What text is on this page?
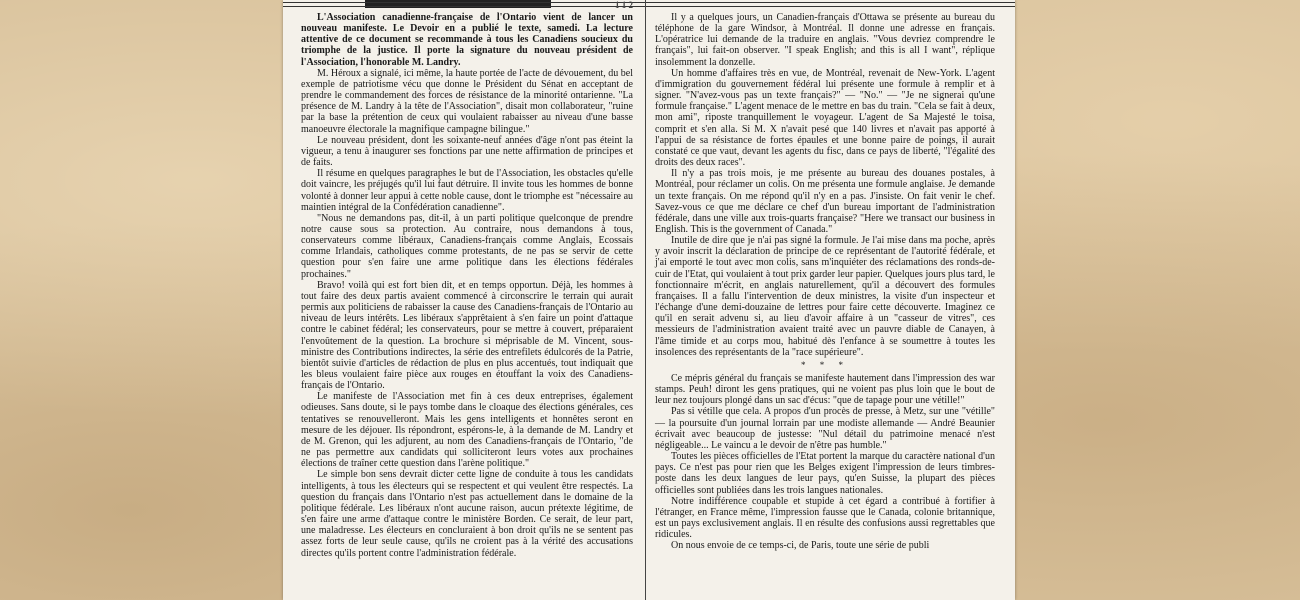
1 1 2

L'Association canadienne-française de l'Ontario vient de lancer un nouveau manifeste. Le Devoir en a publié le texte, samedi. La lecture attentive de ce document se recommande à tous les Canadiens soucieux du triomphe de la justice. Il porte la signature du nouveau président de l'Association, l'honorable M. Landry.

M. Héroux a signalé, ici même, la haute portée de l'acte de dévouement, du bel exemple de patriotisme vécu que donne le Président du Sénat en acceptant de prendre le commandement des forces de résistance de la minorité ontarienne. "La présence de M. Landry à la tête de l'Association", disait mon collaborateur, "ruine par la base la prétention de ceux qui voulaient rabaisser au niveau d'une basse manoeuvre électorale la magnifique campagne bilingue."

Le nouveau président, dont les soixante-neuf années d'âge n'ont pas éteint la vigueur, a tenu à inaugurer ses fonctions par une nette affirmation de principes et de faits.

Il résume en quelques paragraphes le but de l'Association, les obstacles qu'elle doit vaincre, les préjugés qu'il lui faut détruire. Il invite tous les hommes de bonne volonté à donner leur appui à cette noble cause, dont le triomphe est "nécessaire au maintien intégral de la Confédération canadienne".

"Nous ne demandons pas, dit-il, à un parti politique quelconque de prendre notre cause sous sa protection. Au contraire, nous demandons à tous, conservateurs comme libéraux, Canadiens-français comme Anglais, Ecossais comme Irlandais, catholiques comme protestants, de ne pas se servir de cette question pour s'en faire une arme politique dans les élections fédérales prochaines."

Bravo! voilà qui est fort bien dit, et en temps opportun. Déjà, les hommes à tout faire des deux partis avaient commencé à circonscrire le terrain qui aurait permis aux politiciens de rabaisser la cause des Canadiens-français de l'Ontario au niveau de leurs intérêts. Les libéraux s'apprêtaient à s'en faire un point d'attaque contre le cabinet fédéral; les conservateurs, pour se mettre à couvert, préparaient l'envoûtement de la question. La brochure si méprisable de M. Vincent, sous-ministre des Contributions indirectes, la série des entrefilets édulcorés de la Patrie, bientôt suivie d'articles de rédaction de plus en plus accentués, tout indiquait que les bleus voulaient faire pièce aux rouges en étouffant la voix des Canadiens-français de l'Ontario.

Le manifeste de l'Association met fin à ces deux entreprises, également odieuses. Sans doute, si le pays tombe dans le cloaque des élections générales, ces tentatives se renouvelleront. Mais les gens intelligents et honnêtes seront en mesure de les déjouer. Ils répondront, espérons-le, à la demande de M. Landry et de M. Grenon, qui les adjurent, au nom des Canadiens-français de l'Ontario, "de ne pas permettre aux candidats qui solliciteront leurs votes aux prochaines élections de traîner cette question dans l'arène politique."

Le simple bon sens devrait dicter cette ligne de conduite à tous les candidats intelligents, à tous les électeurs qui se respectent et qui veulent être respectés. La question du français dans l'Ontario n'est pas actuellement dans le domaine de la politique fédérale. Les libéraux n'ont aucune raison, aucun prétexte légitime, de s'en faire une arme d'attaque contre le ministère Borden. Ce serait, de leur part, une maladresse. Les électeurs en concluraient à bon droit qu'ils ne se sentent pas assez forts de leur seule cause, qu'ils ne croient pas à la vérité des accusations directes qu'ils portent contre l'administration fédérale.

Il y a quelques jours, un Canadien-français d'Ottawa se présente au bureau du téléphone de la gare Windsor, à Montréal. Il donne une adresse en français. L'opératrice lui demande de la traduire en anglais. "Vous devriez comprendre le français", lui fait-on observer. "I speak English; and this is all I want", réplique insolemment la donzelle.

Un homme d'affaires très en vue, de Montréal, revenait de New-York. L'agent d'immigration du gouvernement fédéral lui présente une formule à remplir et à signer. "N'avez-vous pas un texte français?" — "No." — "Je ne signerai qu'une formule française." L'agent menace de le mettre en bas du train. "Cela se fait à deux, mon ami", riposte tranquillement le voyageur. L'agent de Sa Majesté le toisa, comprit et s'en alla. Si M. X n'avait pesé que 140 livres et n'avait pas apporté à l'appui de sa résistance de fortes épaules et une bonne paire de poings, il aurait constaté ce que vaut, devant les agents du fisc, dans ce pays de liberté, "l'égalité des droits des deux races".

Il n'y a pas trois mois, je me présente au bureau des douanes postales, à Montréal, pour réclamer un colis. On me présenta une formule anglaise. Je demande un texte français. On me répond qu'il n'y en a pas. J'insiste. On fait venir le chef. Savez-vous ce que me déclare ce chef d'un bureau important de l'administration fédérale, dans une ville aux trois-quarts française? "Here we transact our business in English. This is the government of Canada."

Inutile de dire que je n'ai pas signé la formule. Je l'ai mise dans ma poche, après y avoir inscrit la déclaration de principe de ce représentant de l'autorité fédérale, et j'ai emporté le tout avec mon colis, sans m'inquiéter des réclamations des ronds-de-cuir de l'Etat, qui voulaient à tout prix garder leur papier. Quelques jours plus tard, le fonctionnaire m'écrit, en anglais naturellement, qu'il a découvert des formules françaises. Il a fallu l'intervention de deux ministres, la visite d'un inspecteur et l'échange d'une demi-douzaine de lettres pour faire cette découverte. Imaginez ce qu'il en serait advenu si, au lieu d'avoir affaire à un "casseur de vitres", ces messieurs de l'administration avaient traité avec un pauvre diable de Canayen, à l'âme timide et au corps mou, habitué dès l'enfance à se soumettre à toutes les insolences des représentants de la "race supérieure".

* * *

Ce mépris général du français se manifeste hautement dans l'impression des war stamps. Peuh! diront les gens pratiques, qui ne voient pas plus loin que le bout de leur nez toujours plongé dans un sac d'écus: "que de tapage pour une vétille!"

Pas si vétille que cela. A propos d'un procès de presse, à Metz, sur une "vétille" — la poursuite d'un journal lorrain par une modiste allemande — André Beaunier écrivait avec beaucoup de justesse: "Nul détail du patrimoine menacé n'est négligeable... Le vaincu a le devoir de n'être pas humble."

Toutes les pièces officielles de l'Etat portent la marque du caractère national d'un pays. Ce n'est pas pour rien que les Belges exigent l'impression de leurs timbres-poste dans les deux langues de leur pays, qu'en Suisse, la plupart des pièces officielles sont publiées dans les trois langues nationales.

Notre indifférence coupable et stupide à cet égard a contribué à fortifier à l'étranger, en France même, l'impression fausse que le Canada, colonie britannique, est un pays exclusivement anglais. Il en résulte des confusions aussi regrettables que ridicules.

On nous envoie de ce temps-ci, de Paris, toute une série de publi
